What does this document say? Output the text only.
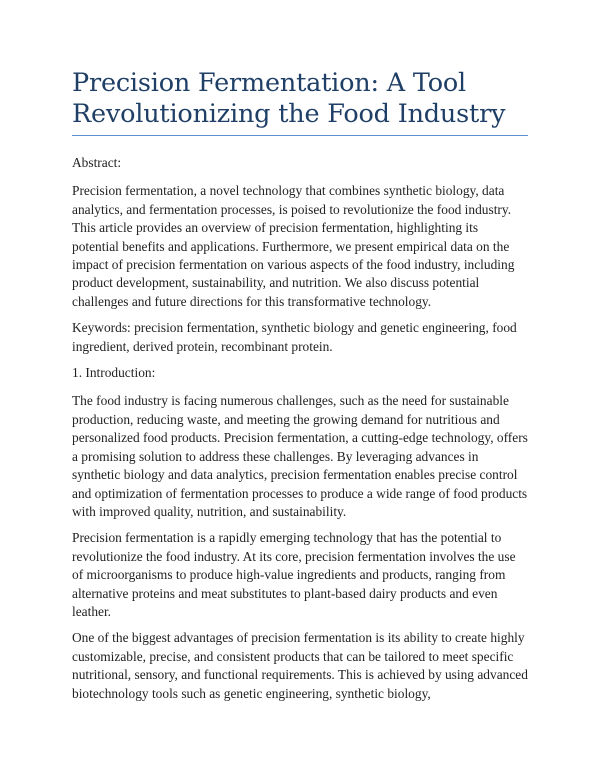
Precision Fermentation: A Tool
Revolutionizing the Food Industry

Abstract:

Precision fermentation, a novel technology that combines synthetic biology, data analytics, and fermentation processes, is poised to revolutionize the food industry. This article provides an overview of precision fermentation, highlighting its potential benefits and applications. Furthermore, we present empirical data on the impact of precision fermentation on various aspects of the food industry, including product development, sustainability, and nutrition. We also discuss potential challenges and future directions for this transformative technology.

Keywords: precision fermentation, synthetic biology and genetic engineering, food ingredient, derived protein, recombinant protein.

1. Introduction:

The food industry is facing numerous challenges, such as the need for sustainable production, reducing waste, and meeting the growing demand for nutritious and personalized food products. Precision fermentation, a cutting-edge technology, offers a promising solution to address these challenges. By leveraging advances in synthetic biology and data analytics, precision fermentation enables precise control and optimization of fermentation processes to produce a wide range of food products with improved quality, nutrition, and sustainability.

Precision fermentation is a rapidly emerging technology that has the potential to revolutionize the food industry. At its core, precision fermentation involves the use of microorganisms to produce high-value ingredients and products, ranging from alternative proteins and meat substitutes to plant-based dairy products and even leather.

One of the biggest advantages of precision fermentation is its ability to create highly customizable, precise, and consistent products that can be tailored to meet specific nutritional, sensory, and functional requirements. This is achieved by using advanced biotechnology tools such as genetic engineering, synthetic biology,
